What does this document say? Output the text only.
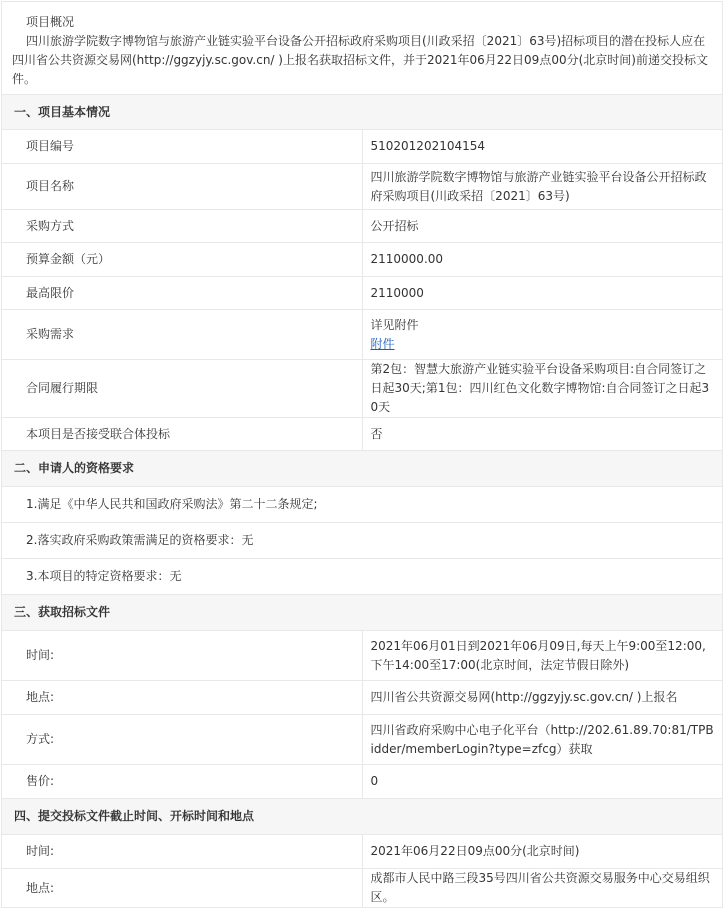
项目概况
四川旅游学院数字博物馆与旅游产业链实验平台设备公开招标政府采购项目(川政采招〔2021〕63号)招标项目的潜在投标人应在四川省公共资源交易网(http://ggzyjy.sc.gov.cn/ )上报名获取招标文件，并于2021年06月22日09点00分(北京时间)前递交投标文件。	

一、项目基本情况	
项目编号	510201202104154
项目名称	四川旅游学院数字博物馆与旅游产业链实验平台设备公开招标政府采购项目(川政采招〔2021〕63号)
采购方式	公开招标
预算金额（元）	2110000.00
最高限价	2110000
采购需求	详见附件
附件
合同履行期限	第2包：智慧大旅游产业链实验平台设备采购项目:自合同签订之日起30天;第1包：四川红色文化数字博物馆:自合同签订之日起30天
本项目是否接受联合体投标	否
二、申请人的资格要求	
1.满足《中华人民共和国政府采购法》第二十二条规定;	
2.落实政府采购政策需满足的资格要求：无	
3.本项目的特定资格要求：无	
三、获取招标文件	
时间:	2021年06月01日到2021年06月09日,每天上午9:00至12:00,下午14:00至17:00(北京时间，法定节假日除外)
地点:	四川省公共资源交易网(http://ggzyjy.sc.gov.cn/ )上报名
方式:	四川省政府采购中心电子化平台（http://202.61.89.70:81/TPBidder/memberLogin?type=zfcg）获取
售价:	0
四、提交投标文件截止时间、开标时间和地点	
时间:	2021年06月22日09点00分(北京时间)
地点:	成都市人民中路三段35号四川省公共资源交易服务中心交易组织区。
